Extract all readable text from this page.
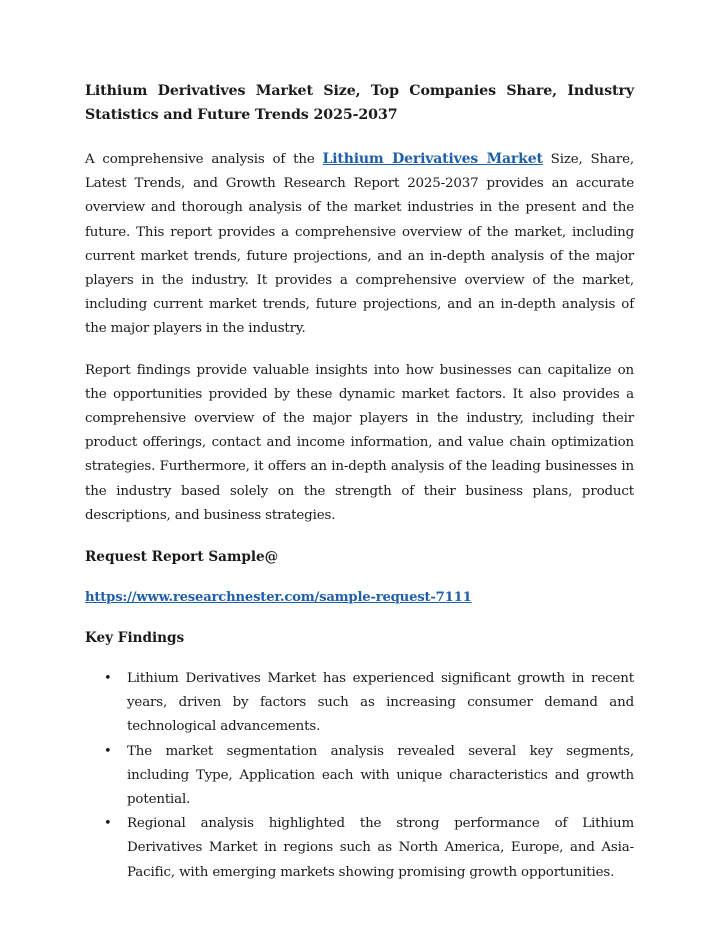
Lithium Derivatives Market Size, Top Companies Share, Industry Statistics and Future Trends 2025-2037

A comprehensive analysis of the Lithium Derivatives Market Size, Share, Latest Trends, and Growth Research Report 2025-2037 provides an accurate overview and thorough analysis of the market industries in the present and the future. This report provides a comprehensive overview of the market, including current market trends, future projections, and an in-depth analysis of the major players in the industry. It provides a comprehensive overview of the market, including current market trends, future projections, and an in-depth analysis of the major players in the industry.

Report findings provide valuable insights into how businesses can capitalize on the opportunities provided by these dynamic market factors. It also provides a comprehensive overview of the major players in the industry, including their product offerings, contact and income information, and value chain optimization strategies. Furthermore, it offers an in-depth analysis of the leading businesses in the industry based solely on the strength of their business plans, product descriptions, and business strategies.

Request Report Sample@
https://www.researchnester.com/sample-request-7111
Key Findings
• Lithium Derivatives Market has experienced significant growth in recent years, driven by factors such as increasing consumer demand and technological advancements.
• The market segmentation analysis revealed several key segments, including Type, Application each with unique characteristics and growth potential.
• Regional analysis highlighted the strong performance of Lithium Derivatives Market in regions such as North America, Europe, and Asia-Pacific, with emerging markets showing promising growth opportunities.
